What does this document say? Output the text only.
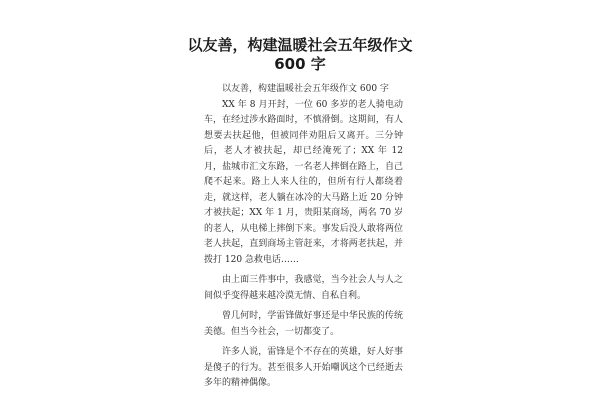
以友善，构建温暖社会五年级作文
600 字

以友善，构建温暖社会五年级作文 600 字

XX 年 8 月开封，一位 60 多岁的老人骑电动车，在经过涉水路面时，不慎滑倒。这期间，有人想要去扶起他，但被同伴劝阻后又离开。三分钟后，老人才被扶起，却已经淹死了；XX 年 12 月，盐城市汇文东路，一名老人摔倒在路上，自己爬不起来。路上人来人往的，但所有行人都绕着走，就这样，老人躺在冰冷的大马路上近 20 分钟才被扶起；XX 年 1 月，贵阳某商场，两名 70 岁的老人，从电梯上摔倒下来。事发后没人敢将两位老人扶起，直到商场主管赶来，才将两老扶起，并拨打 120 急救电话……

由上面三件事中，我感觉，当今社会人与人之间似乎变得越来越冷漠无情、自私自利。

曾几何时，学雷锋做好事还是中华民族的传统美德。但当今社会，一切都变了。

许多人说，雷锋是个不存在的英雄，好人好事是傻子的行为。甚至很多人开始嘲讽这个已经逝去多年的精神偶像。
